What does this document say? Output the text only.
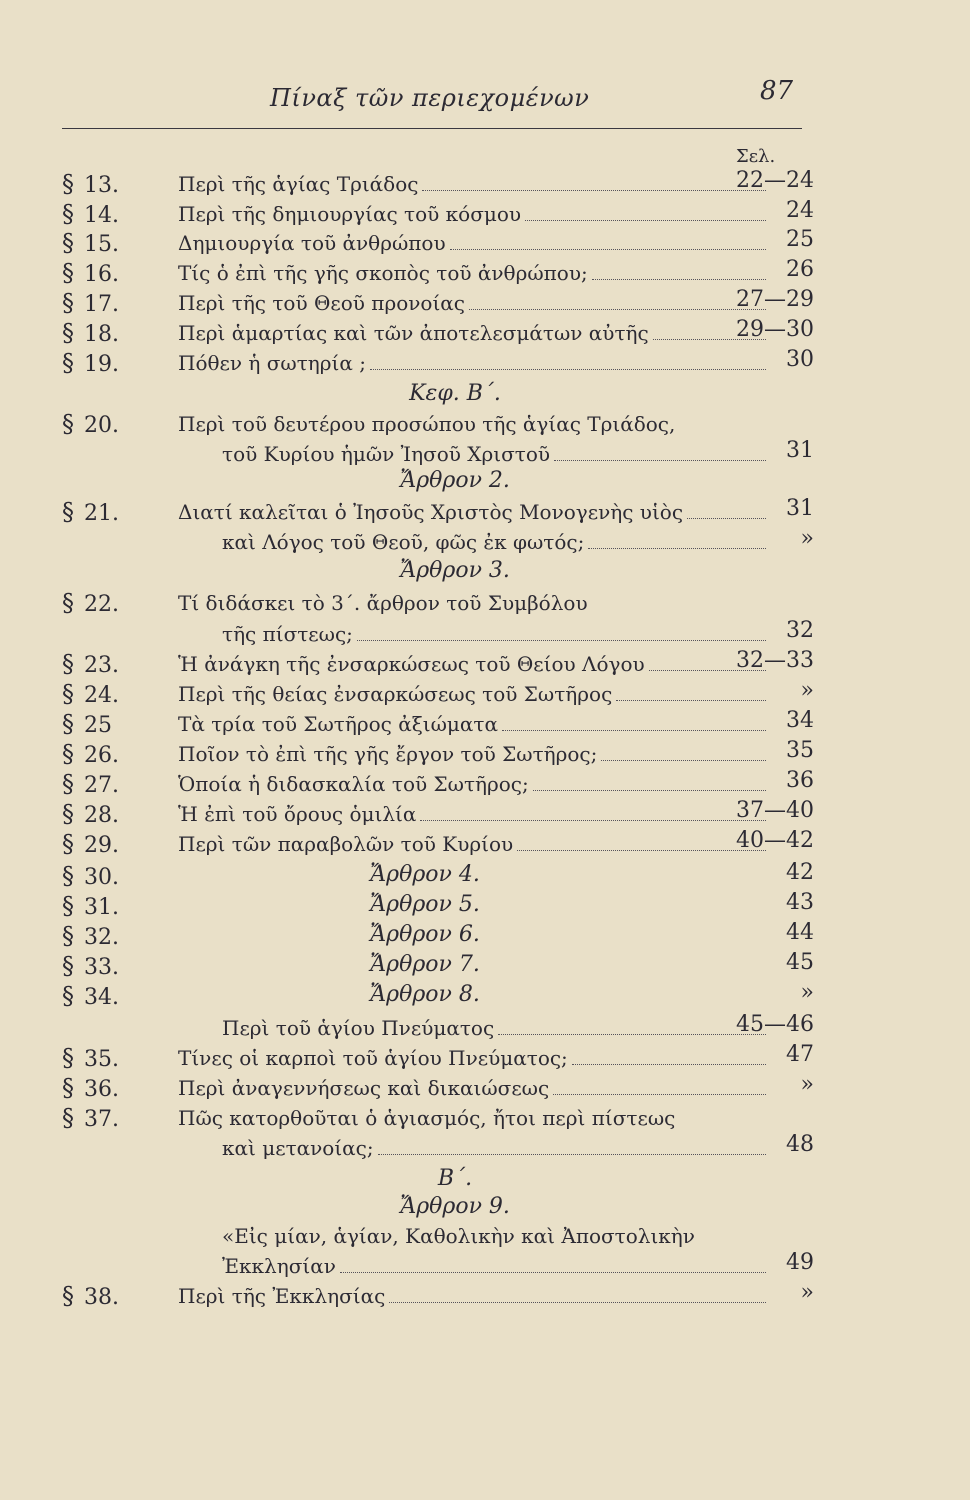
Πίναξ τῶν περιεχομένων	87
Σελ.
§ 13.	Περὶ τῆς ἁγίας Τριάδος	22—24
§ 14.	Περὶ τῆς δημιουργίας τοῦ κόσμου	24
§ 15.	Δημιουργία τοῦ ἀνθρώπου	25
§ 16.	Τίς ὁ ἐπὶ τῆς γῆς σκοπὸς τοῦ ἀνθρώπου;	26
§ 17.	Περὶ τῆς τοῦ Θεοῦ προνοίας	27—29
§ 18.	Περὶ ἁμαρτίας καὶ τῶν ἀποτελεσμάτων αὐτῆς	29—30
§ 19.	Πόθεν ἡ σωτηρία ;	30
Κεφ. Β΄.
§ 20.	Περὶ τοῦ δευτέρου προσώπου τῆς ἁγίας Τριάδος,
τοῦ Κυρίου ἡμῶν Ἰησοῦ Χριστοῦ	31
Ἄρθρον 2.
§ 21.	Διατί καλεῖται ὁ Ἰησοῦς Χριστὸς Μονογενὴς υἱὸς	31
καὶ Λόγος τοῦ Θεοῦ, φῶς ἐκ φωτός;	»
Ἄρθρον 3.
§ 22.	Τί διδάσκει τὸ 3΄. ἄρθρον τοῦ Συμβόλου
τῆς πίστεως;	32
§ 23.	Ἡ ἀνάγκη τῆς ἐνσαρκώσεως τοῦ Θείου Λόγου	32—33
§ 24.	Περὶ τῆς θείας ἐνσαρκώσεως τοῦ Σωτῆρος	»
§ 25	Τὰ τρία τοῦ Σωτῆρος ἀξιώματα	34
§ 26.	Ποῖον τὸ ἐπὶ τῆς γῆς ἔργον τοῦ Σωτῆρος;	35
§ 27.	Ὁποία ἡ διδασκαλία τοῦ Σωτῆρος;	36
§ 28.	Ἡ ἐπὶ τοῦ ὄρους ὁμιλία	37—40
§ 29.	Περὶ τῶν παραβολῶν τοῦ Κυρίου	40—42
§ 30.	Ἄρθρον 4.	42
§ 31.	Ἄρθρον 5.	43
§ 32.	Ἄρθρον 6.	44
§ 33.	Ἄρθρον 7.	45
§ 34.	Ἄρθρον 8.	»
Περὶ τοῦ ἁγίου Πνεύματος	45—46
§ 35.	Τίνες οἱ καρποὶ τοῦ ἁγίου Πνεύματος;	47
§ 36.	Περὶ ἀναγεννήσεως καὶ δικαιώσεως	»
§ 37.	Πῶς κατορθοῦται ὁ ἁγιασμός, ἤτοι περὶ πίστεως
καὶ μετανοίας;	48
Β΄.
Ἄρθρον 9.
«Εἰς μίαν, ἁγίαν, Καθολικὴν καὶ Ἀποστολικὴν
Ἐκκλησίαν	49
§ 38.	Περὶ τῆς Ἐκκλησίας	»
